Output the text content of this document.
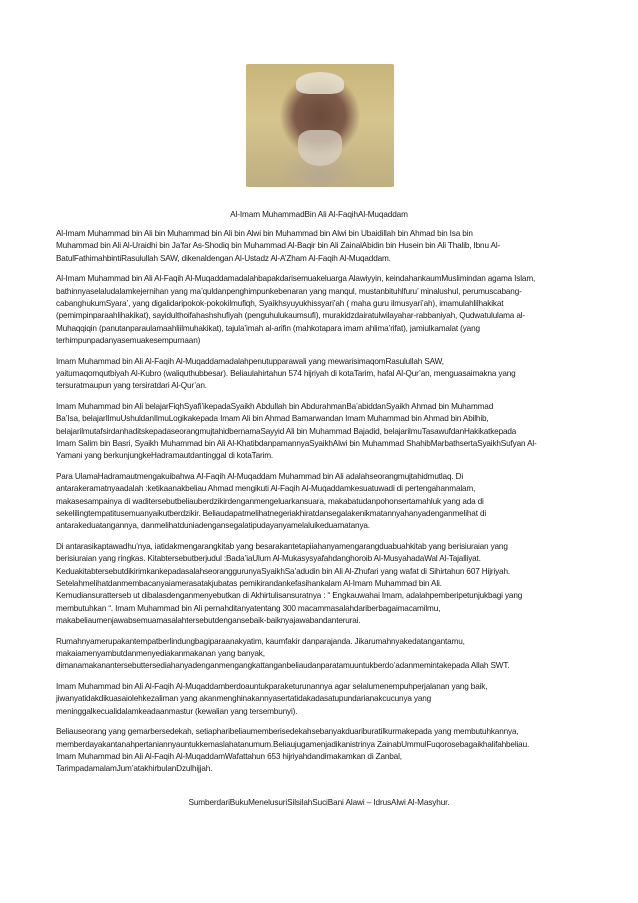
Al-Imam MuhammadBin Ali Al-FaqihAl-Muqaddam

Al-Imam Muhammad bin Ali bin Muhammad bin Ali bin Alwi bin Muhammad bin Alwi bin Ubaidillah bin Ahmad bin Isa bin
Muhammad bin Ali Al-Uraidhi bin Ja’far As-Shodiq bin Muhammad Al-Baqir bin Ali ZainalAbidin bin Husein bin Ali Thalib, Ibnu Al-
BatulFathimahbintiRasulullah SAW, dikenaldengan Al-Ustadz Al-A’Zham Al-Faqih Al-Muqaddam.

Al-Imam Muhammad bin Ali Al-Faqih Al-Muqaddamadalahbapakdarisemuakeluarga Alawiyyin, keindahankaumMuslimindan agama Islam,
bathinnyaselaludalamkejernihan yang ma’quldanpenghimpunkebenaran yang manqul, mustanbituhlfuru’ minalushul, perumuscabang-
cabanghukumSyara’, yang digalidaripokok-pokokilmufiqh, Syaikhsyuyukhissyari’ah ( maha guru ilmusyari’ah), imamulahlilhakikat
(pemimpinparaahlihakikat), sayidulthoifahashshufiyah (penguhulukaumsufi), murakidzdairatulwilayahar-rabbaniyah, Qudwatululama al-
Muhaqqiqin (panutanparaulamaahliilmuhakikat), tajula’imah al-arifin (mahkotapara imam ahlima’rifat), jamiulkamalat (yang
terhimpunpadanyasemuakesempurnaan)

Imam Muhammad bin Ali Al-Faqih Al-Muqaddamadalahpenutupparawali yang mewarisimaqomRasulullah SAW,
yaitumaqomqutbiyah Al-Kubro (waliquthubbesar). Beliaulahirtahun 574 hijriyah di kotaTarim, hafal Al-Qur’an, menguasaimakna yang
tersuratmaupun yang tersiratdari Al-Qur’an.

Imam Muhammad bin Ali belajarFiqhSyafi’ikepadaSyaikh Abdullah bin AbdurahmanBa’abiddanSyaikh Ahmad bin Muhammad
Ba’Isa, belajarIlmuUshuldanIlmuLogikakepada Imam Ali bin Ahmad Bamarwandan Imam Muhammad bin Ahmad bin Abilhib,
belajarilmutafsirdanhaditskepadaseorangmujtahidbernamaSayyid Ali bin Muhammad Bajadid, belajarilmuTasawufdanHakikatkepada
Imam Salim bin Basri, Syaikh Muhammad bin Ali Al-KhatibdanpamannyaSyaikhAlwi bin Muhammad ShahibMarbathsertaSyaikhSufyan Al-
Yamani yang berkunjungkeHadramautdantinggal di kotaTarim.

Para UlamaHadramautmengakuibahwa Al-Faqih Al-Muqaddam Muhammad bin Ali adalahseorangmujtahidmutlaq. Di
antarakeramatnyaadalah :ketikaanakbeliau Ahmad mengikuti Al-Faqih Al-Muqaddamkesuatuwadi di pertengahanmalam,
makasesampainya di waditersebutbeliauberdzikirdenganmengeluarkansuara, makabatudanpohonsertamahluk yang ada di
sekelilingtempatitusemuanyaikutberdzikir. Beliaudapatmelihatnegeriakhiratdansegalakenikmatannyahanyadenganmelihat di
antarakeduatangannya, danmelihatduniadengansegalatipudayanyamelaluikeduamatanya.

Di antarasikaptawadhu’nya, iatidakmengarangkitab yang besarakantetapiiahanyamengarangduabuahkitab yang berisiuraian yang
berisiuraian yang ringkas. Kitabtersebutberjudul :Bada’iaUlum Al-Mukasysyafahdanghoroib Al-MusyahadaWal Al-Tajalliyat.
KeduakitabtersebutdikirimkankepadasalahseoranggurunyaSyaikhSa’adudin bin Ali Al-Zhufari yang wafat di Sihirtahun 607 Hijriyah.
Setelahmelihatdanmembacanyaiamerasatakjubatas pemikirandankefasihankalam Al-Imam Muhammad bin Ali.
Kemudiansuratterseb ut dibalasdenganmenyebutkan di Akhirtulisansuratnya : “ Engkauwahai Imam, adalahpemberipetunjukbagi yang
membutuhkan “. Imam Muhammad bin Ali pernahditanyatentang 300 macammasalahdariberbagaimacamilmu,
makabeliaumenjawabsemuamasalahtersebutdengansebaik-baiknyajawabandanterurai.

Rumahnyamerupakantempatberlindungbagiparaanakyatim, kaumfakir danparajanda. Jikarumahnyakedatangantamu,
makaiamenyambutdanmenyediakanmakanan yang banyak,
dimanamakanantersebuttersediahanyadenganmengangkattanganbeliaudanparatamuuntukberdo’adanmemintakepada Allah SWT.

Imam Muhammad bin Ali Al-Faqih Al-Muqaddamberdoauntukparaketurunannya agar selalumenempuhperjalanan yang baik,
jiwanyatidakdikuasaiolehkezaliman yang akanmenghinakannyasertatidakadasatupundarianakcucunya yang
meninggalkecualidalamkeadaanmastur (kewalian yang tersembunyi).

Beliauseorang yang gemarbersedekah, setiapharibeliaumemberisedekahsebanyakduariburatilkurmakepada yang membutuhkannya,
memberdayakantanahpertaniannyauntukkemaslahatanumum.Beliaujugamenjadikanistrinya ZainabUmmulFuqorosebagaikhalifahbeliau.
Imam Muhammad bin Ali Al-Faqih Al-MuqaddamWafattahun 653 hijriyahdandimakamkan di Zanbal,
TarimpadamalamJum’atakhirbulanDzulhijjah.

SumberdariBukuMenelusuriSilsilahSuciBani Alawi – IdrusAlwi Al-Masyhur.
